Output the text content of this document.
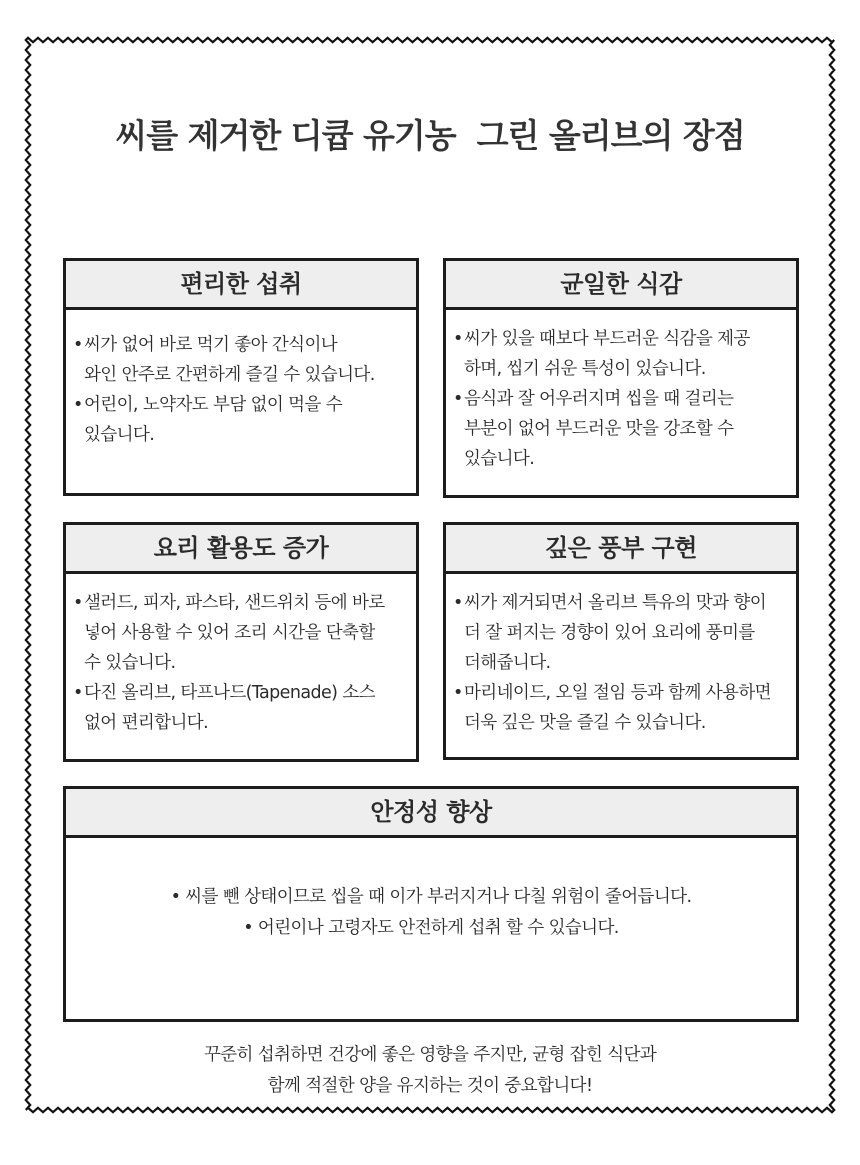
씨를 제거한 디큡 유기농  그린 올리브의 장점
편리한 섭취
• 씨가 없어 바로 먹기 좋아 간식이나
와인 안주로 간편하게 즐길 수 있습니다.
• 어린이, 노약자도 부담 없이 먹을 수
있습니다.
균일한 식감
• 씨가 있을 때보다 부드러운 식감을 제공
하며, 씹기 쉬운 특성이 있습니다.
• 음식과 잘 어우러지며 씹을 때 걸리는
부분이 없어 부드러운 맛을 강조할 수
있습니다.
요리 활용도 증가
• 샐러드, 피자, 파스타, 샌드위치 등에 바로
넣어 사용할 수 있어 조리 시간을 단축할
수 있습니다.
• 다진 올리브, 타프나드(Tapenade) 소스
없어 편리합니다.
깊은 풍부 구현
• 씨가 제거되면서 올리브 특유의 맛과 향이
더 잘 퍼지는 경향이 있어 요리에 풍미를
더해줍니다.
• 마리네이드, 오일 절임 등과 함께 사용하면
더욱 깊은 맛을 즐길 수 있습니다.
안정성 향상
• 씨를 뺀 상태이므로 씹을 때 이가 부러지거나 다칠 위험이 줄어듭니다.
• 어린이나 고령자도 안전하게 섭취 할 수 있습니다.
꾸준히 섭취하면 건강에 좋은 영향을 주지만, 균형 잡힌 식단과
함께 적절한 양을 유지하는 것이 중요합니다!
